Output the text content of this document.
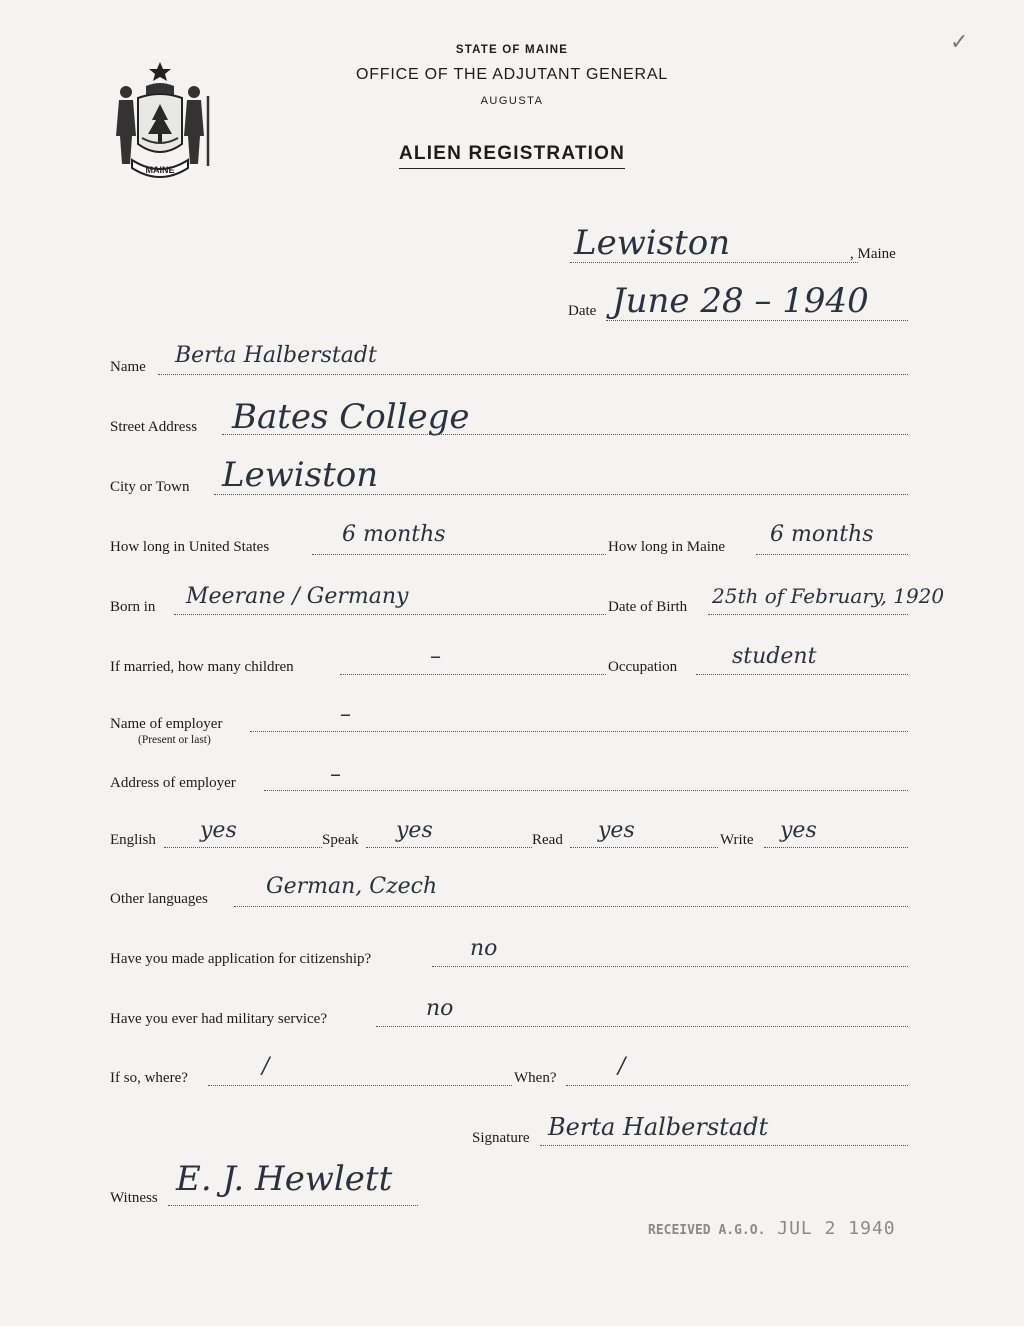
✓
MAINE
STATE OF MAINE
OFFICE OF THE ADJUTANT GENERAL
AUGUSTA
ALIEN REGISTRATION
Lewiston	, Maine
Date June 28 – 1940
Name Berta Halberstadt
Street Address Bates College
City or Town Lewiston
How long in United States	6 months	How long in Maine 6 months
Born in Meerane / Germany	Date of Birth 25th of February, 1920
If married, how many children	–	Occupation student
Name of employer
(Present or last)
–
Address of employer	–
English yes	Speak yes	Read yes	Write yes
Other languages	German, Czech
Have you made application for citizenship?	no
Have you ever had military service?	no
If so, where?	/	When?	/
Signature Berta Halberstadt
Witness E. J. Hewlett
RECEIVED A.G.O. JUL 2 1940
